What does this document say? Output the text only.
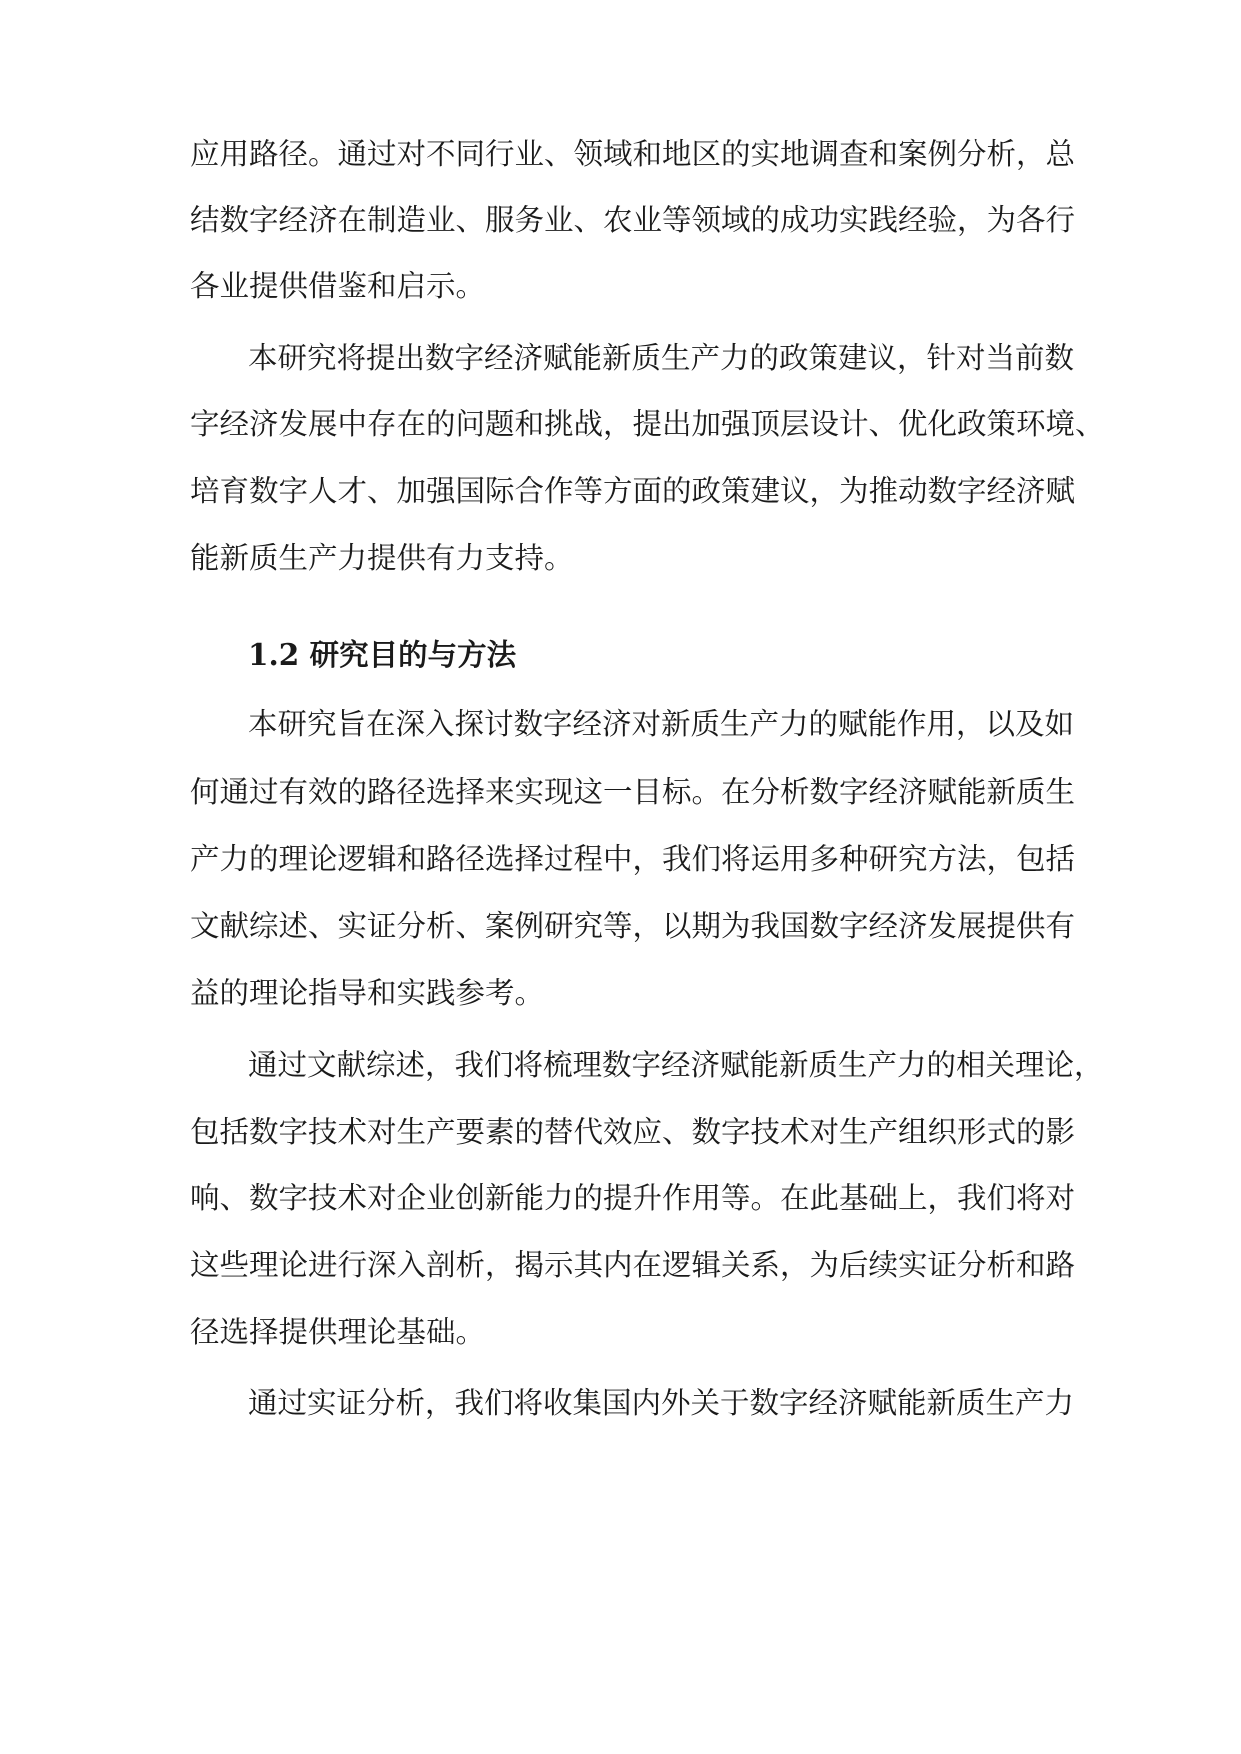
应用路径。通过对不同行业、领域和地区的实地调查和案例分析，总
结数字经济在制造业、服务业、农业等领域的成功实践经验，为各行
各业提供借鉴和启示。
本研究将提出数字经济赋能新质生产力的政策建议，针对当前数
字经济发展中存在的问题和挑战，提出加强顶层设计、优化政策环境、
培育数字人才、加强国际合作等方面的政策建议，为推动数字经济赋
能新质生产力提供有力支持。
1.2 研究目的与方法
本研究旨在深入探讨数字经济对新质生产力的赋能作用，以及如
何通过有效的路径选择来实现这一目标。在分析数字经济赋能新质生
产力的理论逻辑和路径选择过程中，我们将运用多种研究方法，包括
文献综述、实证分析、案例研究等，以期为我国数字经济发展提供有
益的理论指导和实践参考。
通过文献综述，我们将梳理数字经济赋能新质生产力的相关理论，
包括数字技术对生产要素的替代效应、数字技术对生产组织形式的影
响、数字技术对企业创新能力的提升作用等。在此基础上，我们将对
这些理论进行深入剖析，揭示其内在逻辑关系，为后续实证分析和路
径选择提供理论基础。
通过实证分析，我们将收集国内外关于数字经济赋能新质生产力
